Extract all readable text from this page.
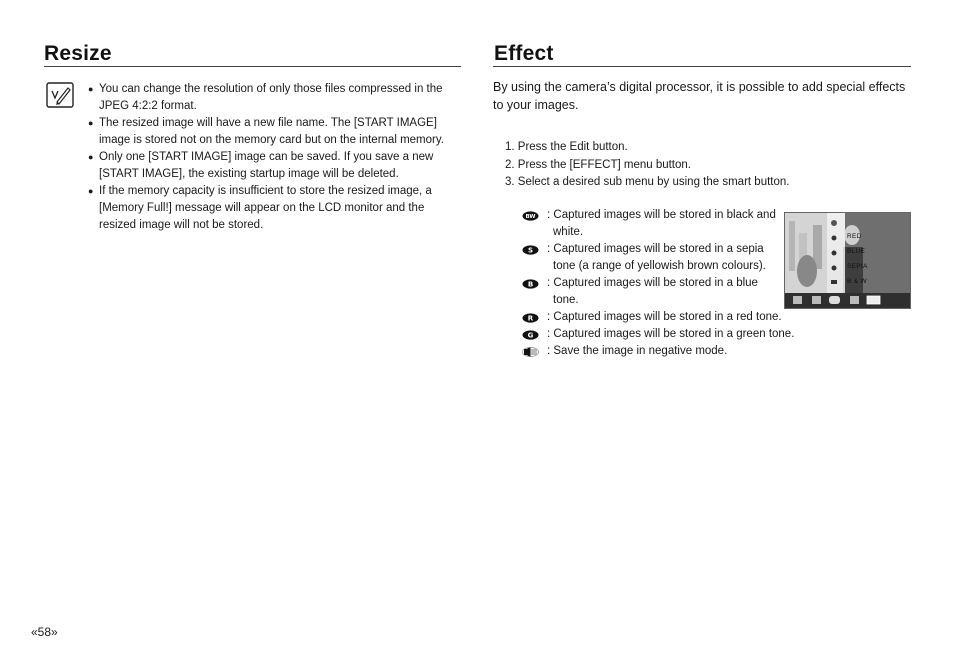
Resize
● You can change the resolution of only those files compressed in the JPEG 4:2:2 format.
● The resized image will have a new file name. The [START IMAGE] image is stored not on the memory card but on the internal memory.
● Only one [START IMAGE] image can be saved. If you save a new [START IMAGE], the existing startup image will be deleted.
● If the memory capacity is insufficient to store the resized image, a [Memory Full!] message will appear on the LCD monitor and the resized image will not be stored.
Effect
By using the camera’s digital processor, it is possible to add special effects to your images.
1. Press the Edit button.
2. Press the [EFFECT] menu button.
3. Select a desired sub menu by using the smart button.
BW : Captured images will be stored in black and white.
S : Captured images will be stored in a sepia tone (a range of yellowish brown colours).
B : Captured images will be stored in a blue tone.
R : Captured images will be stored in a red tone.
G : Captured images will be stored in a green tone.
: Save the image in negative mode.
RED
BLUE
SEPIA
B & W
«58»
